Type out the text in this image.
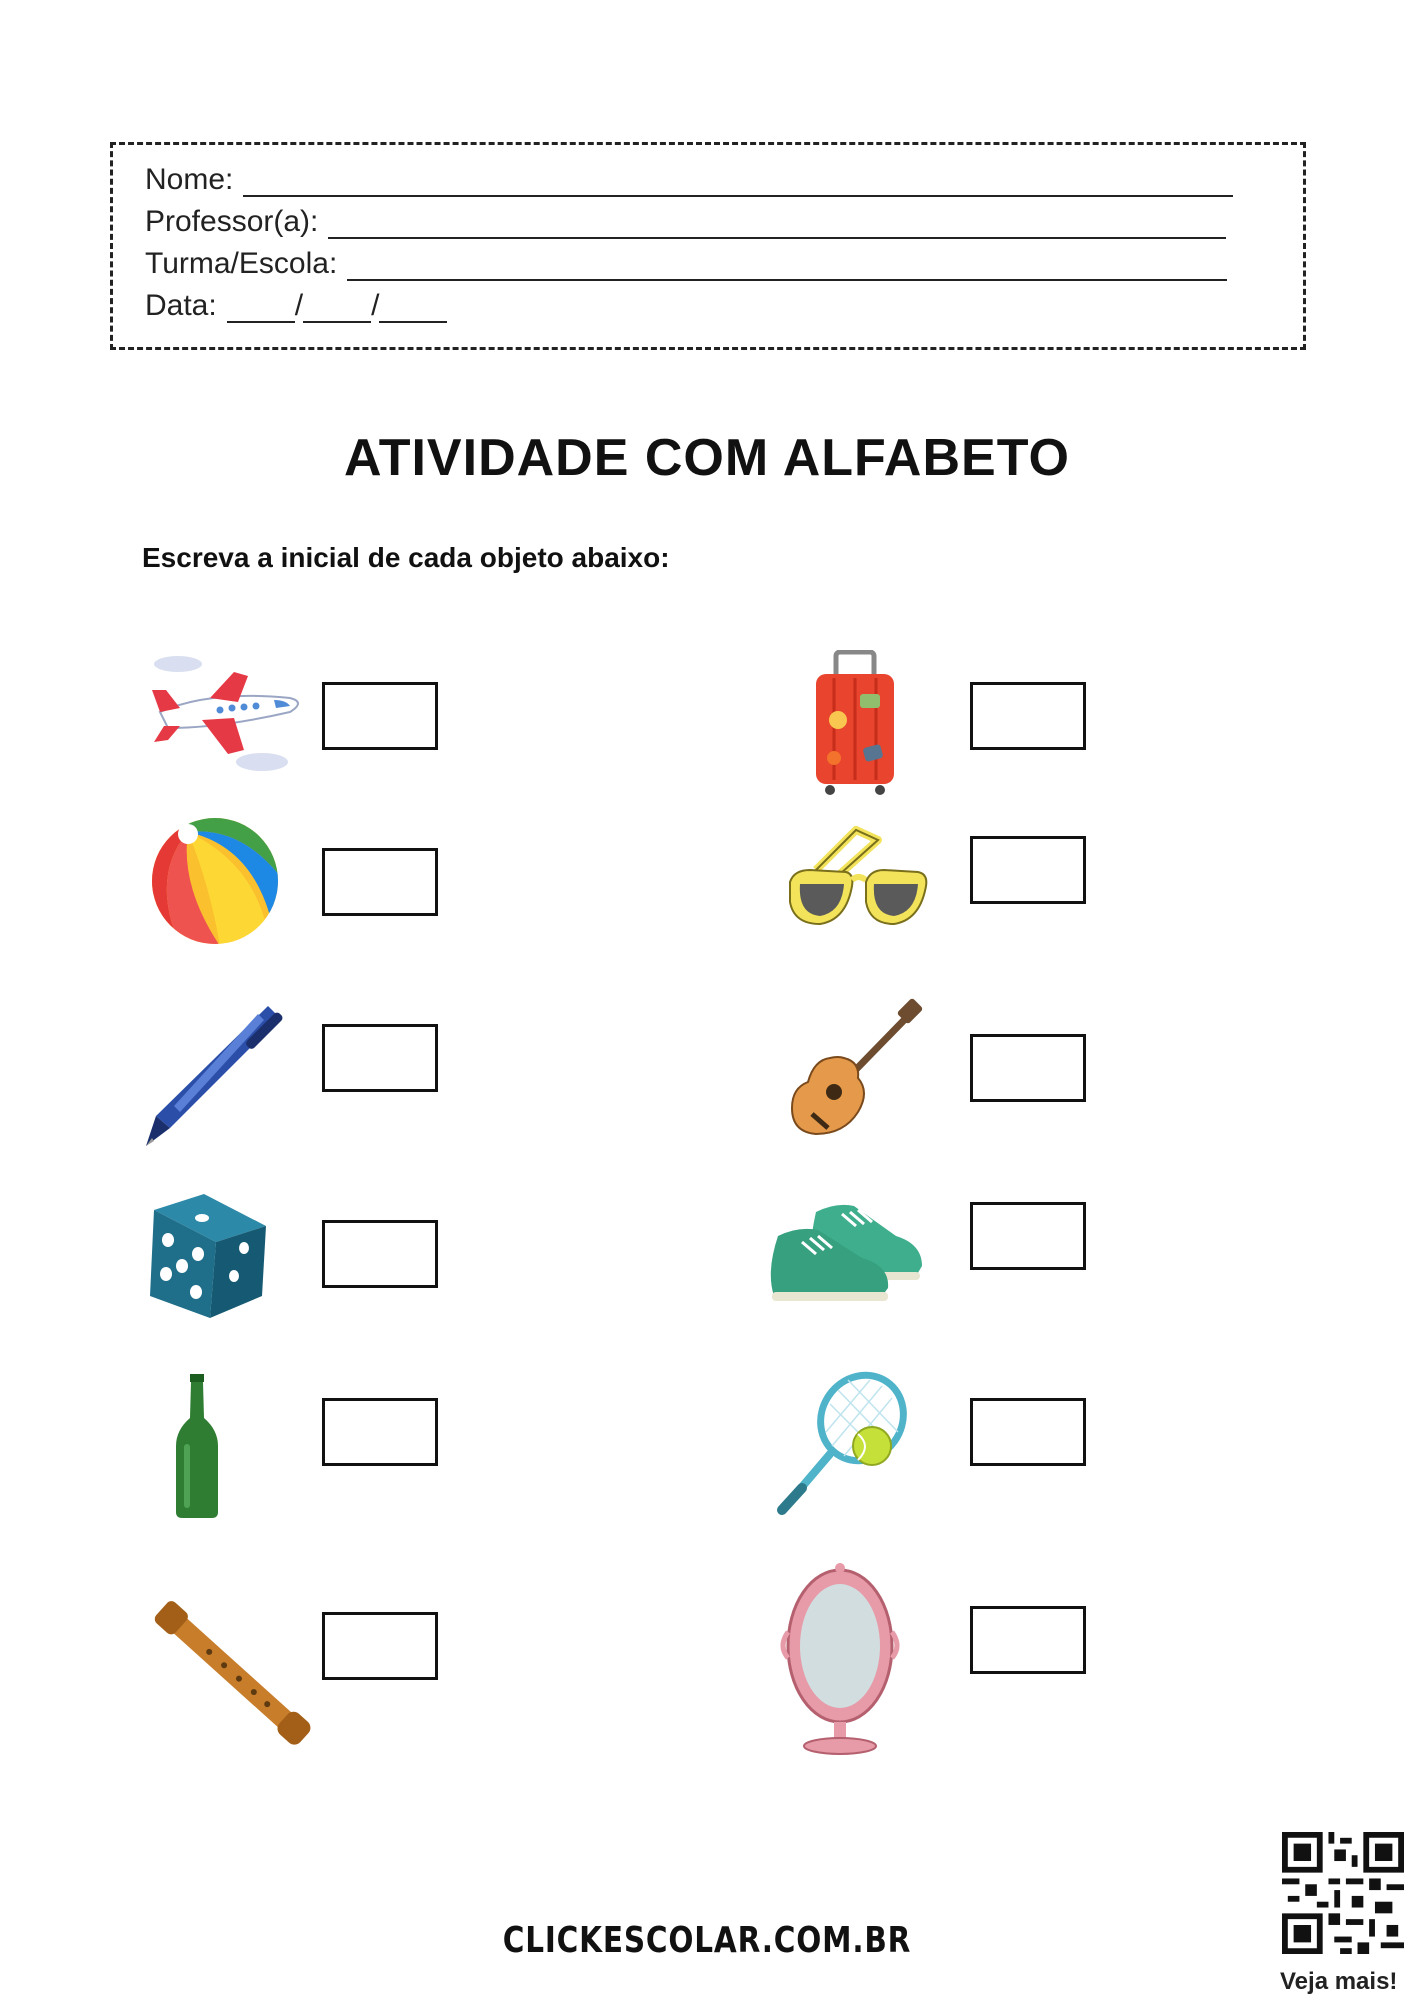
Nome:
Professor(a):
Turma/Escola:
Data:	/ /
ATIVIDADE COM ALFABETO
Escreva a inicial de cada objeto abaixo:
CLICKESCOLAR.COM.BR
Veja mais!
